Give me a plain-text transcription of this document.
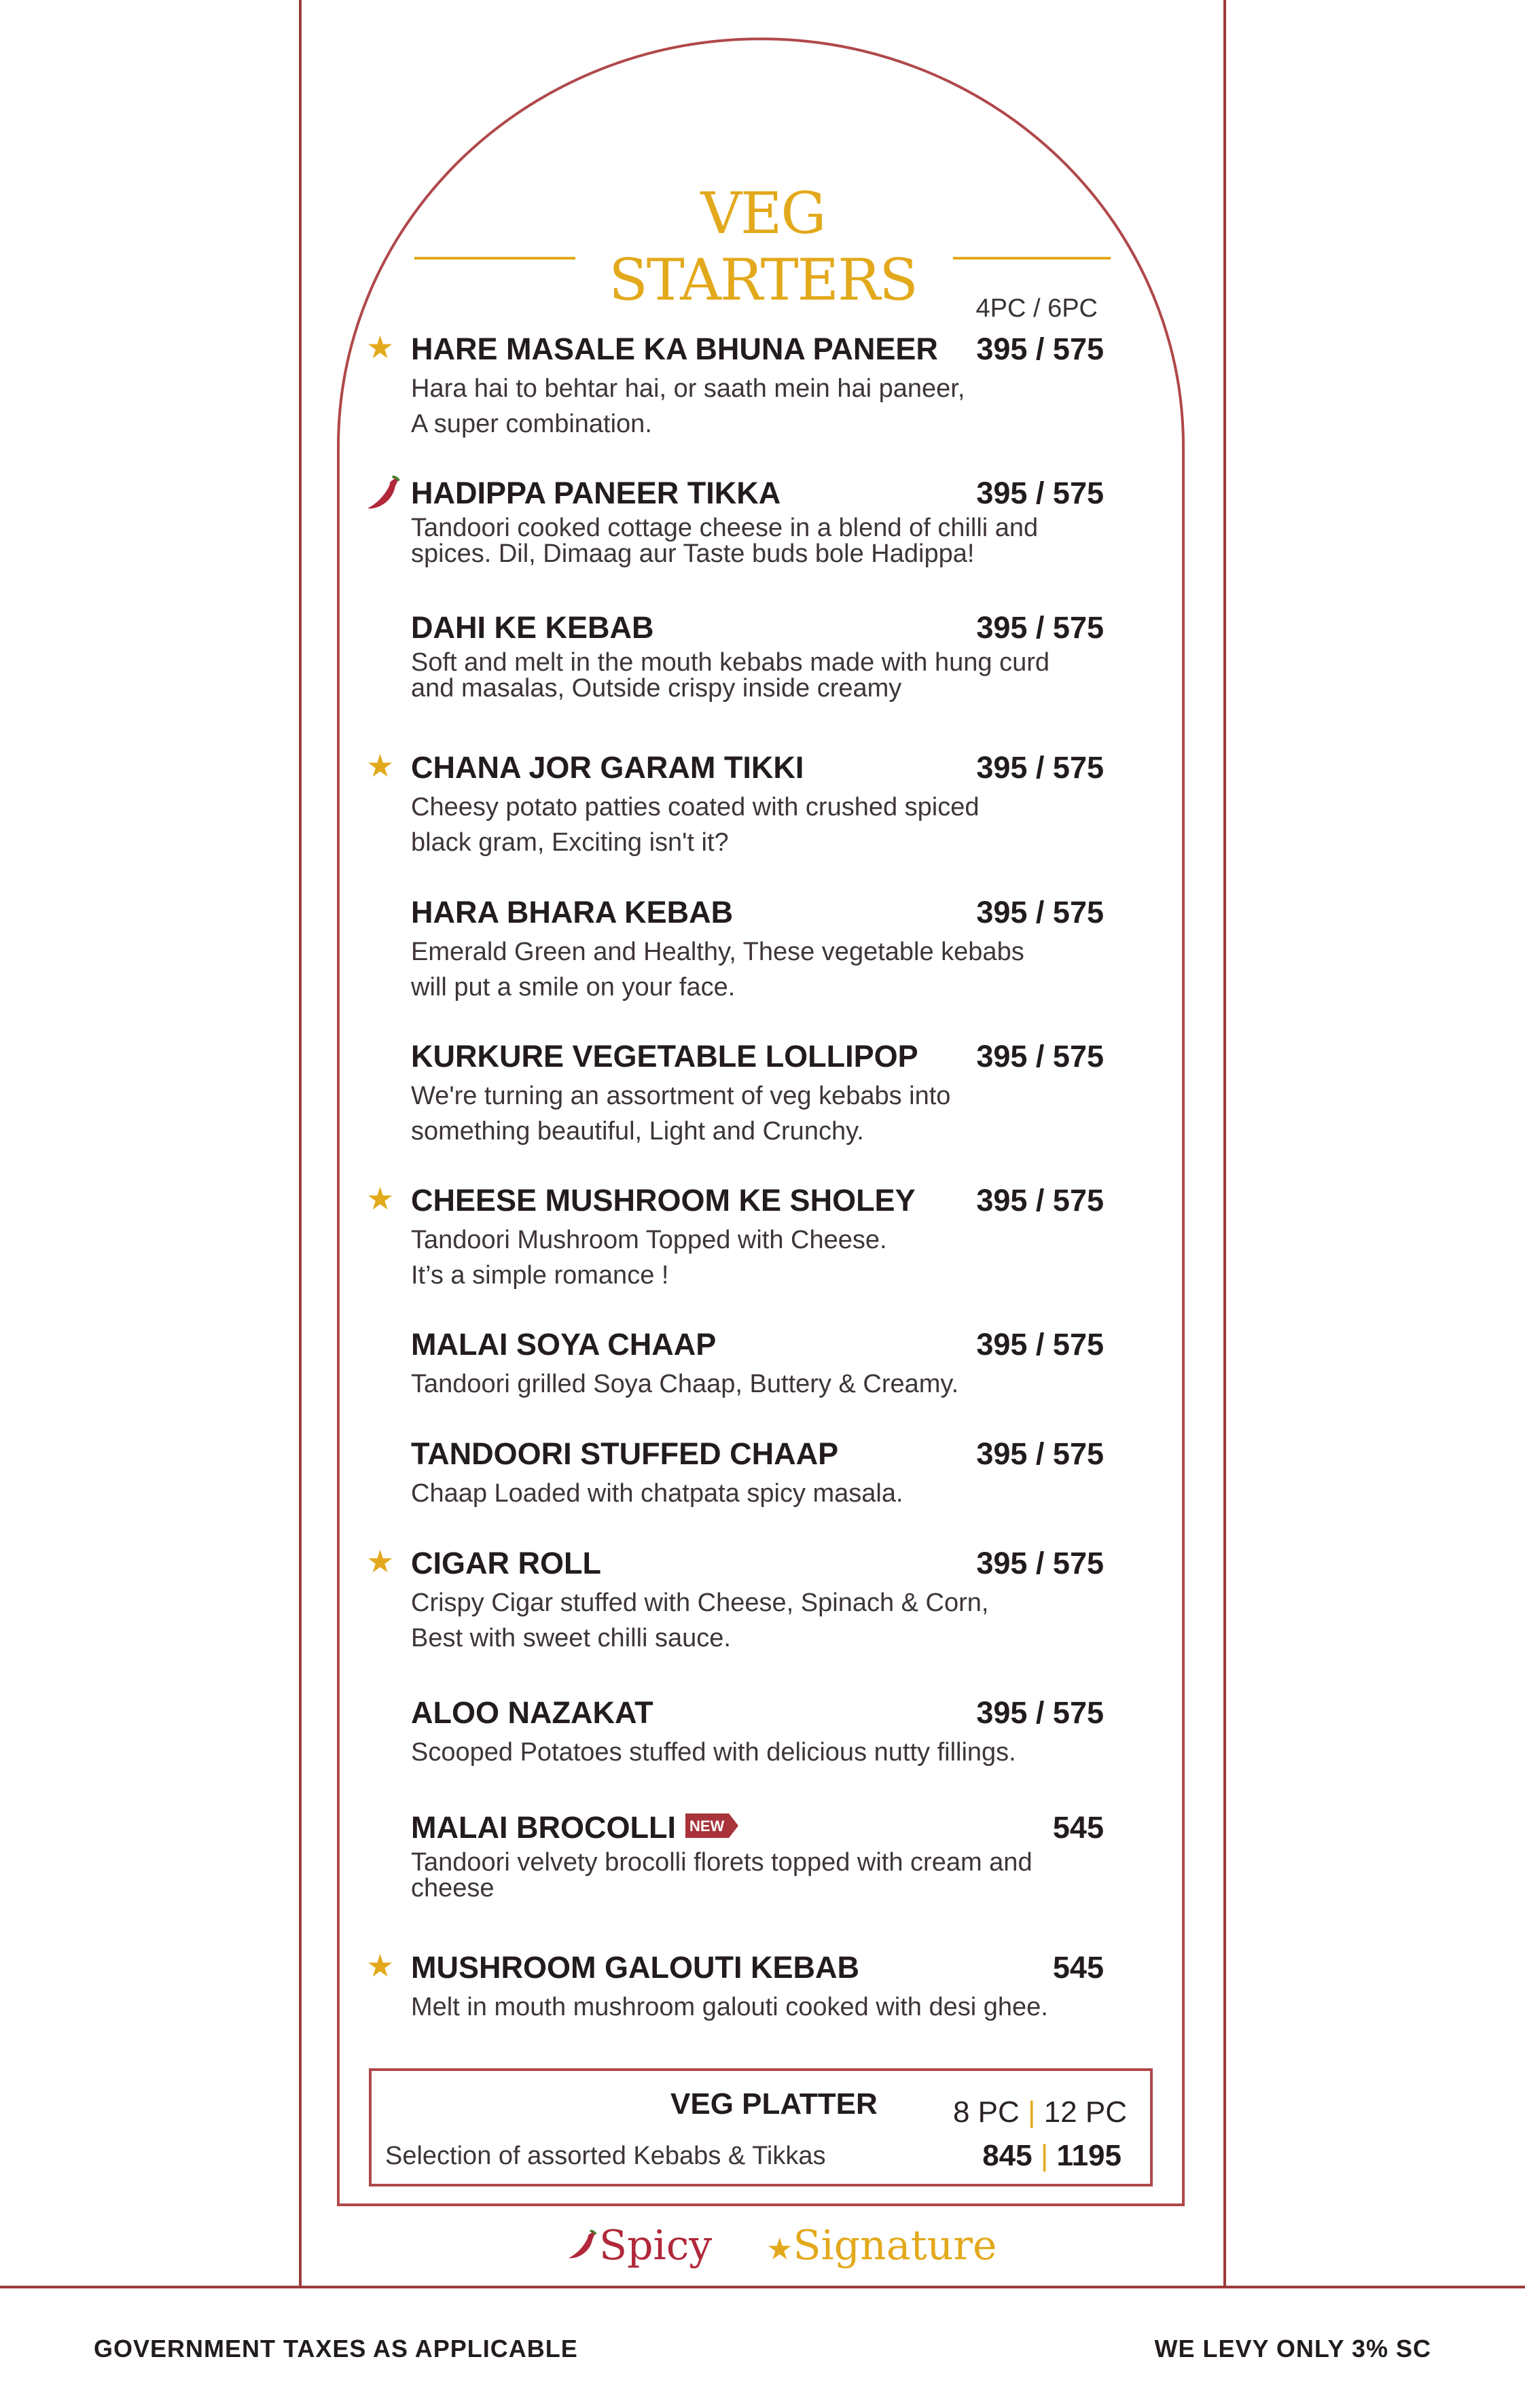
VEG STARTERS	4PC / 6PC
★ HARE MASALE KA BHUNA PANEER 395 / 575
Hara hai to behtar hai, or saath mein hai paneer,
A super combination.
HADIPPA PANEER TIKKA	395 / 575
Tandoori cooked cottage cheese in a blend of chilli and
spices. Dil, Dimaag aur Taste buds bole Hadippa!
DAHI KE KEBAB	395 / 575
Soft and melt in the mouth kebabs made with hung curd
and masalas, Outside crispy inside creamy
★ CHANA JOR GARAM TIKKI	395 / 575
Cheesy potato patties coated with crushed spiced
black gram, Exciting isn't it?
HARA BHARA KEBAB	395 / 575
Emerald Green and Healthy, These vegetable kebabs
will put a smile on your face.
KURKURE VEGETABLE LOLLIPOP 395 / 575
We're turning an assortment of veg kebabs into
something beautiful, Light and Crunchy.
★ CHEESE MUSHROOM KE SHOLEY 395 / 575
Tandoori Mushroom Topped with Cheese.
It’s a simple romance !
MALAI SOYA CHAAP	395 / 575
Tandoori grilled Soya Chaap, Buttery & Creamy.
TANDOORI STUFFED CHAAP	395 / 575
Chaap Loaded with chatpata spicy masala.
★ CIGAR ROLL	395 / 575
Crispy Cigar stuffed with Cheese, Spinach & Corn,
Best with sweet chilli sauce.
ALOO NAZAKAT	395 / 575
Scooped Potatoes stuffed with delicious nutty fillings.
MALAI BROCOLLI NEW	545
Tandoori velvety brocolli florets topped with cream and
cheese
★ MUSHROOM GALOUTI KEBAB	545
Melt in mouth mushroom galouti cooked with desi ghee.
VEG PLATTER	8 PC | 12 PC
Selection of assorted Kebabs & Tikkas	845 | 1195
Spicy ★Signature
GOVERNMENT TAXES AS APPLICABLE	WE LEVY ONLY 3% SC
